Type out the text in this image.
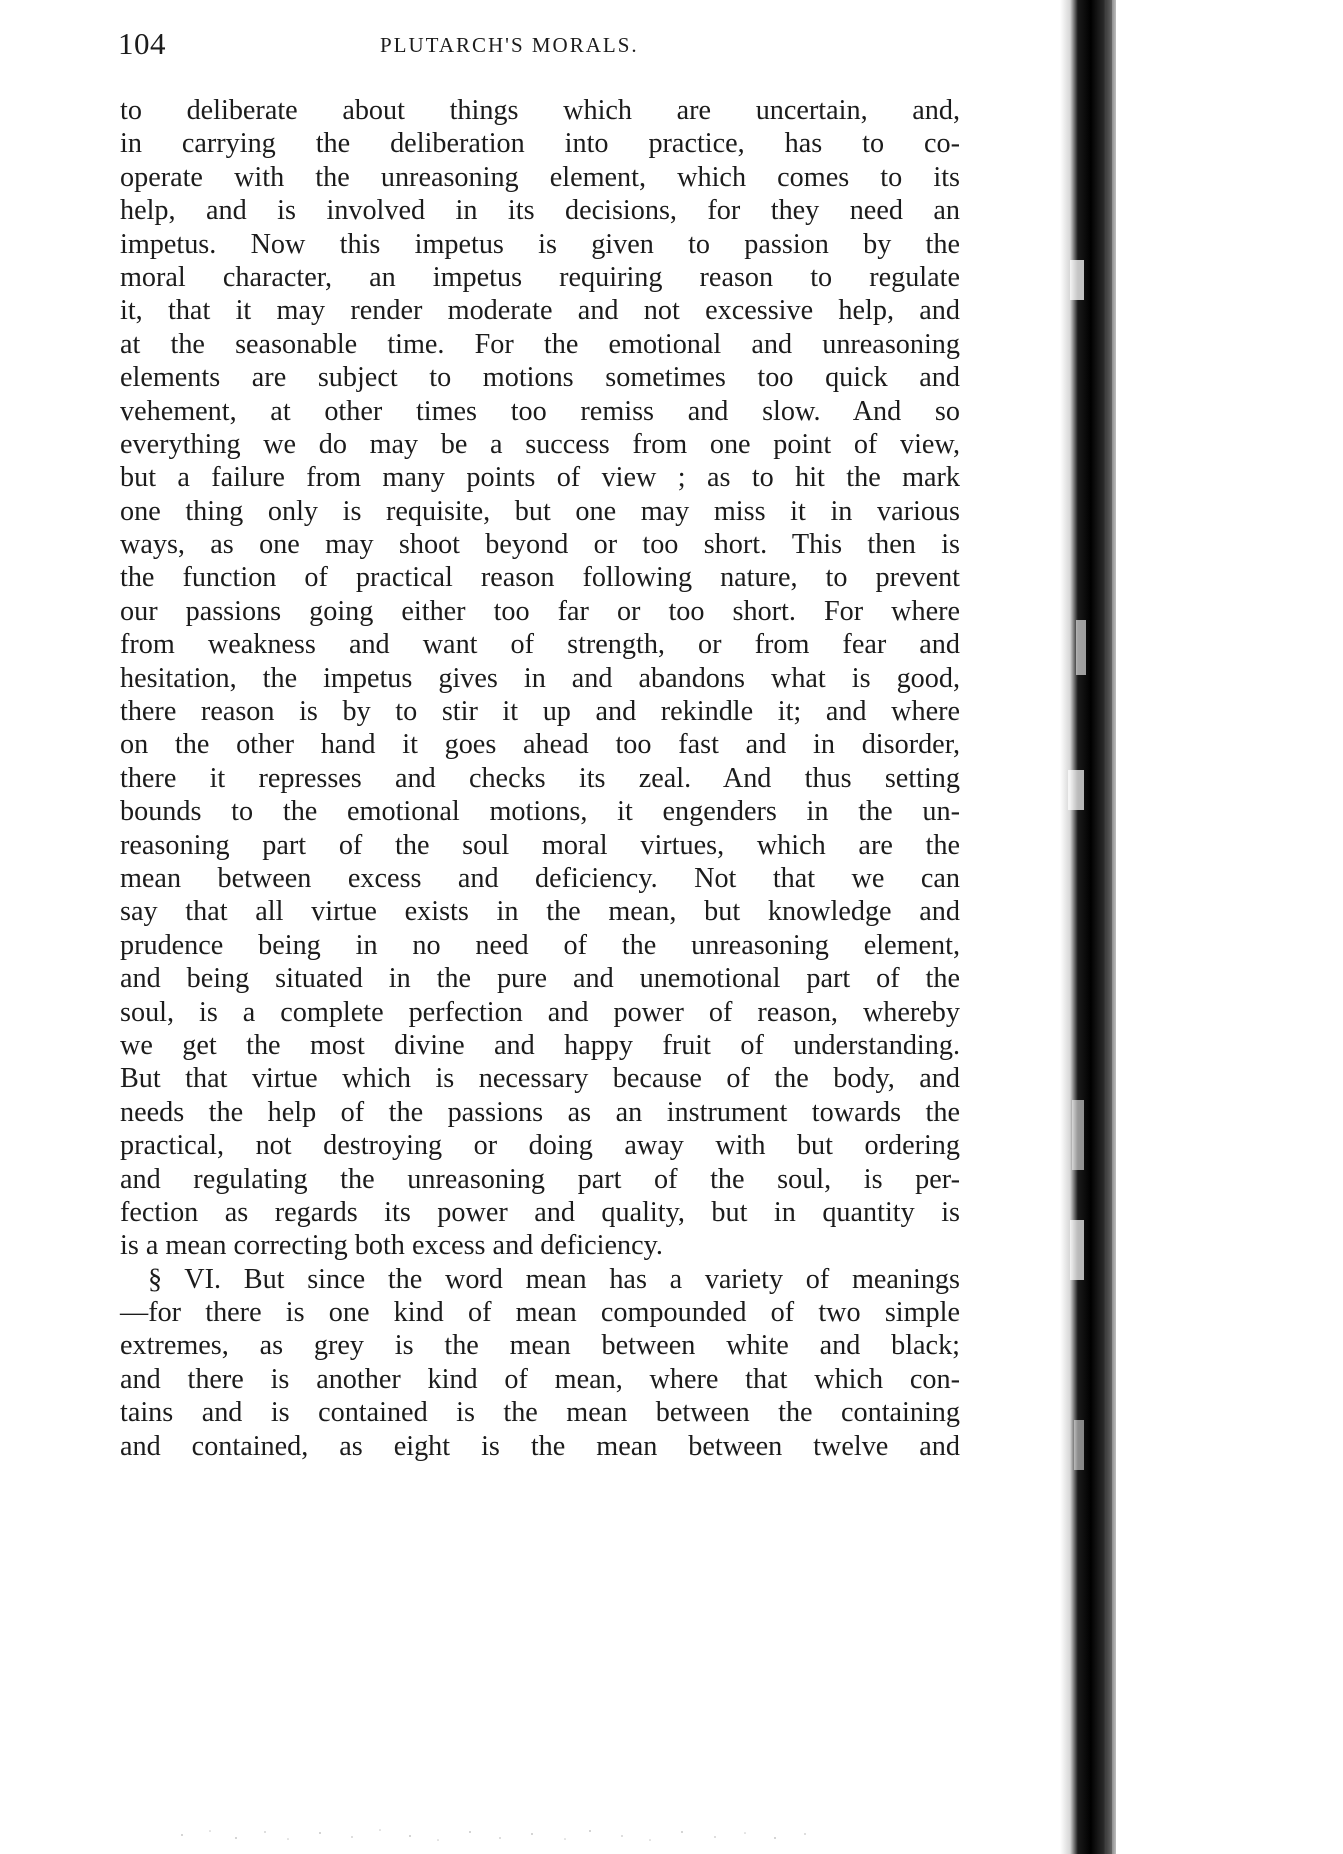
104	PLUTARCH'S MORALS.
to deliberate about things which are uncertain, and,
in carrying the deliberation into practice, has to co-
operate with the unreasoning element, which comes to its
help, and is involved in its decisions, for they need an
impetus. Now this impetus is given to passion by the
moral character, an impetus requiring reason to regulate
it, that it may render moderate and not excessive help, and
at the seasonable time. For the emotional and unreasoning
elements are subject to motions sometimes too quick and
vehement, at other times too remiss and slow. And so
everything we do may be a success from one point of view,
but a failure from many points of view ; as to hit the mark
one thing only is requisite, but one may miss it in various
ways, as one may shoot beyond or too short. This then is
the function of practical reason following nature, to prevent
our passions going either too far or too short. For where
from weakness and want of strength, or from fear and
hesitation, the impetus gives in and abandons what is good,
there reason is by to stir it up and rekindle it; and where
on the other hand it goes ahead too fast and in disorder,
there it represses and checks its zeal. And thus setting
bounds to the emotional motions, it engenders in the un-
reasoning part of the soul moral virtues, which are the
mean between excess and deficiency. Not that we can
say that all virtue exists in the mean, but knowledge and
prudence being in no need of the unreasoning element,
and being situated in the pure and unemotional part of the
soul, is a complete perfection and power of reason, whereby
we get the most divine and happy fruit of understanding.
But that virtue which is necessary because of the body, and
needs the help of the passions as an instrument towards the
practical, not destroying or doing away with but ordering
and regulating the unreasoning part of the soul, is per-
fection as regards its power and quality, but in quantity is
is a mean correcting both excess and deficiency.
§ VI. But since the word mean has a variety of meanings
—for there is one kind of mean compounded of two simple
extremes, as grey is the mean between white and black;
and there is another kind of mean, where that which con-
tains and is contained is the mean between the containing
and contained, as eight is the mean between twelve and
